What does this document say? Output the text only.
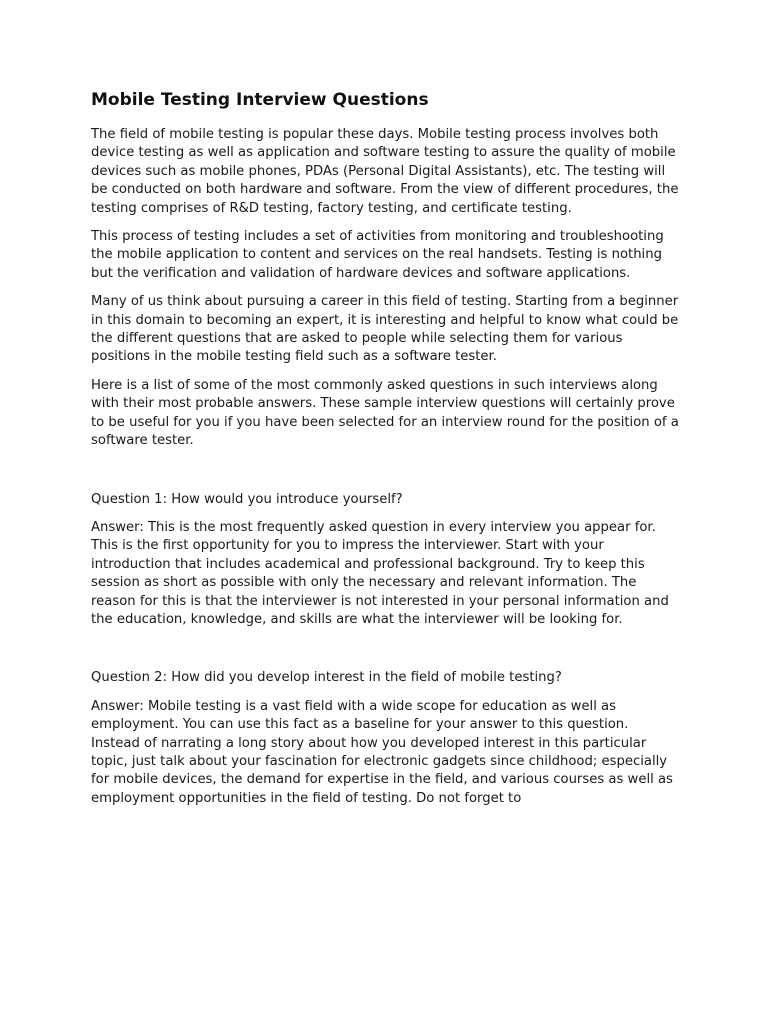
Mobile Testing Interview Questions

The field of mobile testing is popular these days. Mobile testing process involves both device testing as well as application and software testing to assure the quality of mobile devices such as mobile phones, PDAs (Personal Digital Assistants), etc. The testing will be conducted on both hardware and software. From the view of different procedures, the testing comprises of R&D testing, factory testing, and certificate testing.

This process of testing includes a set of activities from monitoring and troubleshooting the mobile application to content and services on the real handsets. Testing is nothing but the verification and validation of hardware devices and software applications.

Many of us think about pursuing a career in this field of testing. Starting from a beginner in this domain to becoming an expert, it is interesting and helpful to know what could be the different questions that are asked to people while selecting them for various positions in the mobile testing field such as a software tester.

Here is a list of some of the most commonly asked questions in such interviews along with their most probable answers. These sample interview questions will certainly prove to be useful for you if you have been selected for an interview round for the position of a software tester.

Question 1: How would you introduce yourself?

Answer: This is the most frequently asked question in every interview you appear for. This is the first opportunity for you to impress the interviewer. Start with your introduction that includes academical and professional background. Try to keep this session as short as possible with only the necessary and relevant information. The reason for this is that the interviewer is not interested in your personal information and the education, knowledge, and skills are what the interviewer will be looking for.

Question 2: How did you develop interest in the field of mobile testing?

Answer: Mobile testing is a vast field with a wide scope for education as well as employment. You can use this fact as a baseline for your answer to this question. Instead of narrating a long story about how you developed interest in this particular topic, just talk about your fascination for electronic gadgets since childhood; especially for mobile devices, the demand for expertise in the field, and various courses as well as employment opportunities in the field of testing. Do not forget to
